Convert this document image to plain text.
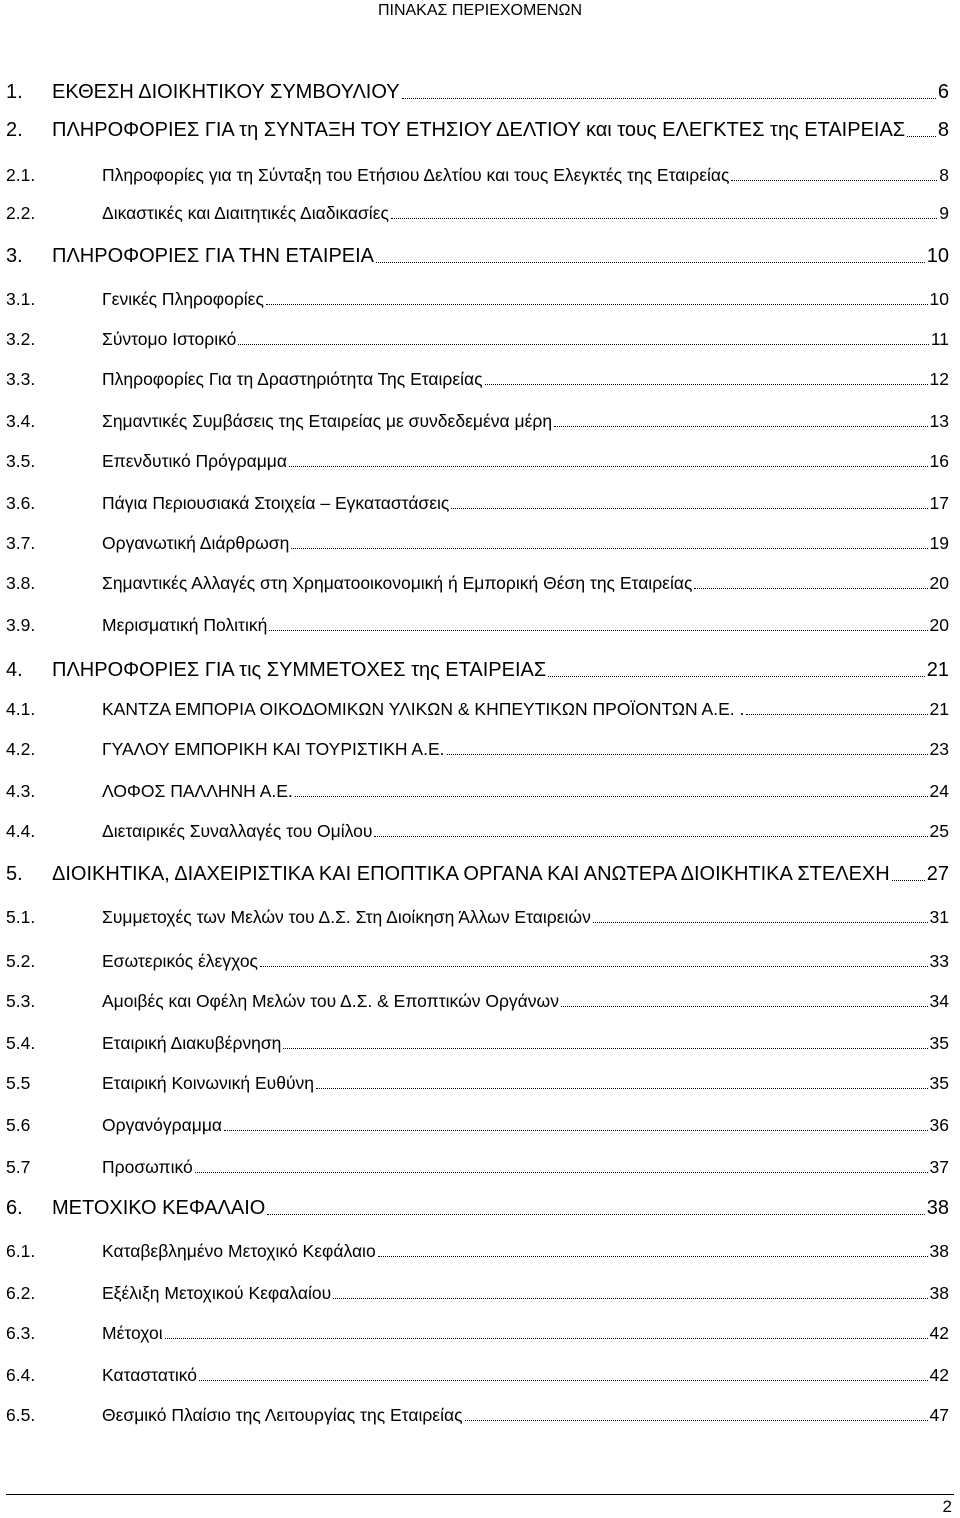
ΠΙΝΑΚΑΣ ΠΕΡΙΕΧΟΜΕΝΩΝ
1.	ΕΚΘΕΣΗ ΔΙΟΙΚΗΤΙΚΟΥ ΣΥΜΒΟΥΛΙΟΥ	6
2.	ΠΛΗΡΟΦΟΡΙΕΣ ΓΙΑ τη ΣΥΝΤΑΞΗ ΤΟΥ ΕΤΗΣΙΟΥ ΔΕΛΤΙΟΥ και τους ΕΛΕΓΚΤΕΣ της ΕΤΑΙΡΕΙΑΣ 8
2.1.	Πληροφορίες για τη Σύνταξη του Ετήσιου Δελτίου και τους Ελεγκτές της Εταιρείας	8
2.2.	Δικαστικές και Διαιτητικές Διαδικασίες	9
3.	ΠΛΗΡΟΦΟΡΙΕΣ ΓΙΑ ΤΗΝ ΕΤΑΙΡΕΙΑ	10
3.1.	Γενικές Πληροφορίες	10
3.2.	Σύντομο Ιστορικό	11
3.3.	Πληροφορίες Για τη Δραστηριότητα Της Εταιρείας	12
3.4.	Σημαντικές Συμβάσεις της Εταιρείας με συνδεδεμένα μέρη	13
3.5.	Επενδυτικό Πρόγραμμα	16
3.6.	Πάγια Περιουσιακά Στοιχεία – Εγκαταστάσεις	17
3.7.	Οργανωτική Διάρθρωση	19
3.8.	Σημαντικές Αλλαγές στη Χρηματοοικονομική ή Εμπορική Θέση της Εταιρείας	20
3.9.	Μερισματική Πολιτική	20
4.	ΠΛΗΡΟΦΟΡΙΕΣ ΓΙΑ τις ΣΥΜΜΕΤΟΧΕΣ της ΕΤΑΙΡΕΙΑΣ	21
4.1.	ΚΑΝΤΖΑ ΕΜΠΟΡΙΑ ΟΙΚΟΔΟΜΙΚΩΝ ΥΛΙΚΩΝ & ΚΗΠΕΥΤΙΚΩΝ ΠΡΟΪΟΝΤΩΝ Α.Ε. .	21
4.2.	ΓΥΑΛΟΥ ΕΜΠΟΡΙΚΗ ΚΑΙ ΤΟΥΡΙΣΤΙΚΗ Α.Ε.	23
4.3.	ΛΟΦΟΣ ΠΑΛΛΗΝΗ Α.Ε.	24
4.4.	Διεταιρικές Συναλλαγές του Ομίλου	25
5.	ΔΙΟΙΚΗΤΙΚΑ, ΔΙΑΧΕΙΡΙΣΤΙΚΑ ΚΑΙ ΕΠΟΠΤΙΚΑ ΟΡΓΑΝΑ ΚΑΙ ΑΝΩΤΕΡΑ ΔΙΟΙΚΗΤΙΚΑ ΣΤΕΛΕΧΗ 27
5.1.	Συμμετοχές των Μελών του Δ.Σ. Στη Διοίκηση Άλλων Εταιρειών	31
5.2.	Εσωτερικός έλεγχος	33
5.3.	Αμοιβές και Οφέλη Μελών του Δ.Σ. & Εποπτικών Οργάνων	34
5.4.	Εταιρική Διακυβέρνηση	35
5.5	Εταιρική Κοινωνική Ευθύνη	35
5.6	Οργανόγραμμα	36
5.7	Προσωπικό	37
6.	ΜΕΤΟΧΙΚΟ ΚΕΦΑΛΑΙΟ	38
6.1.	Καταβεβλημένο Μετοχικό Κεφάλαιο	38
6.2.	Εξέλιξη Μετοχικού Κεφαλαίου	38
6.3.	Μέτοχοι	42
6.4.	Καταστατικό	42
6.5.	Θεσμικό Πλαίσιο της Λειτουργίας της Εταιρείας	47
2
